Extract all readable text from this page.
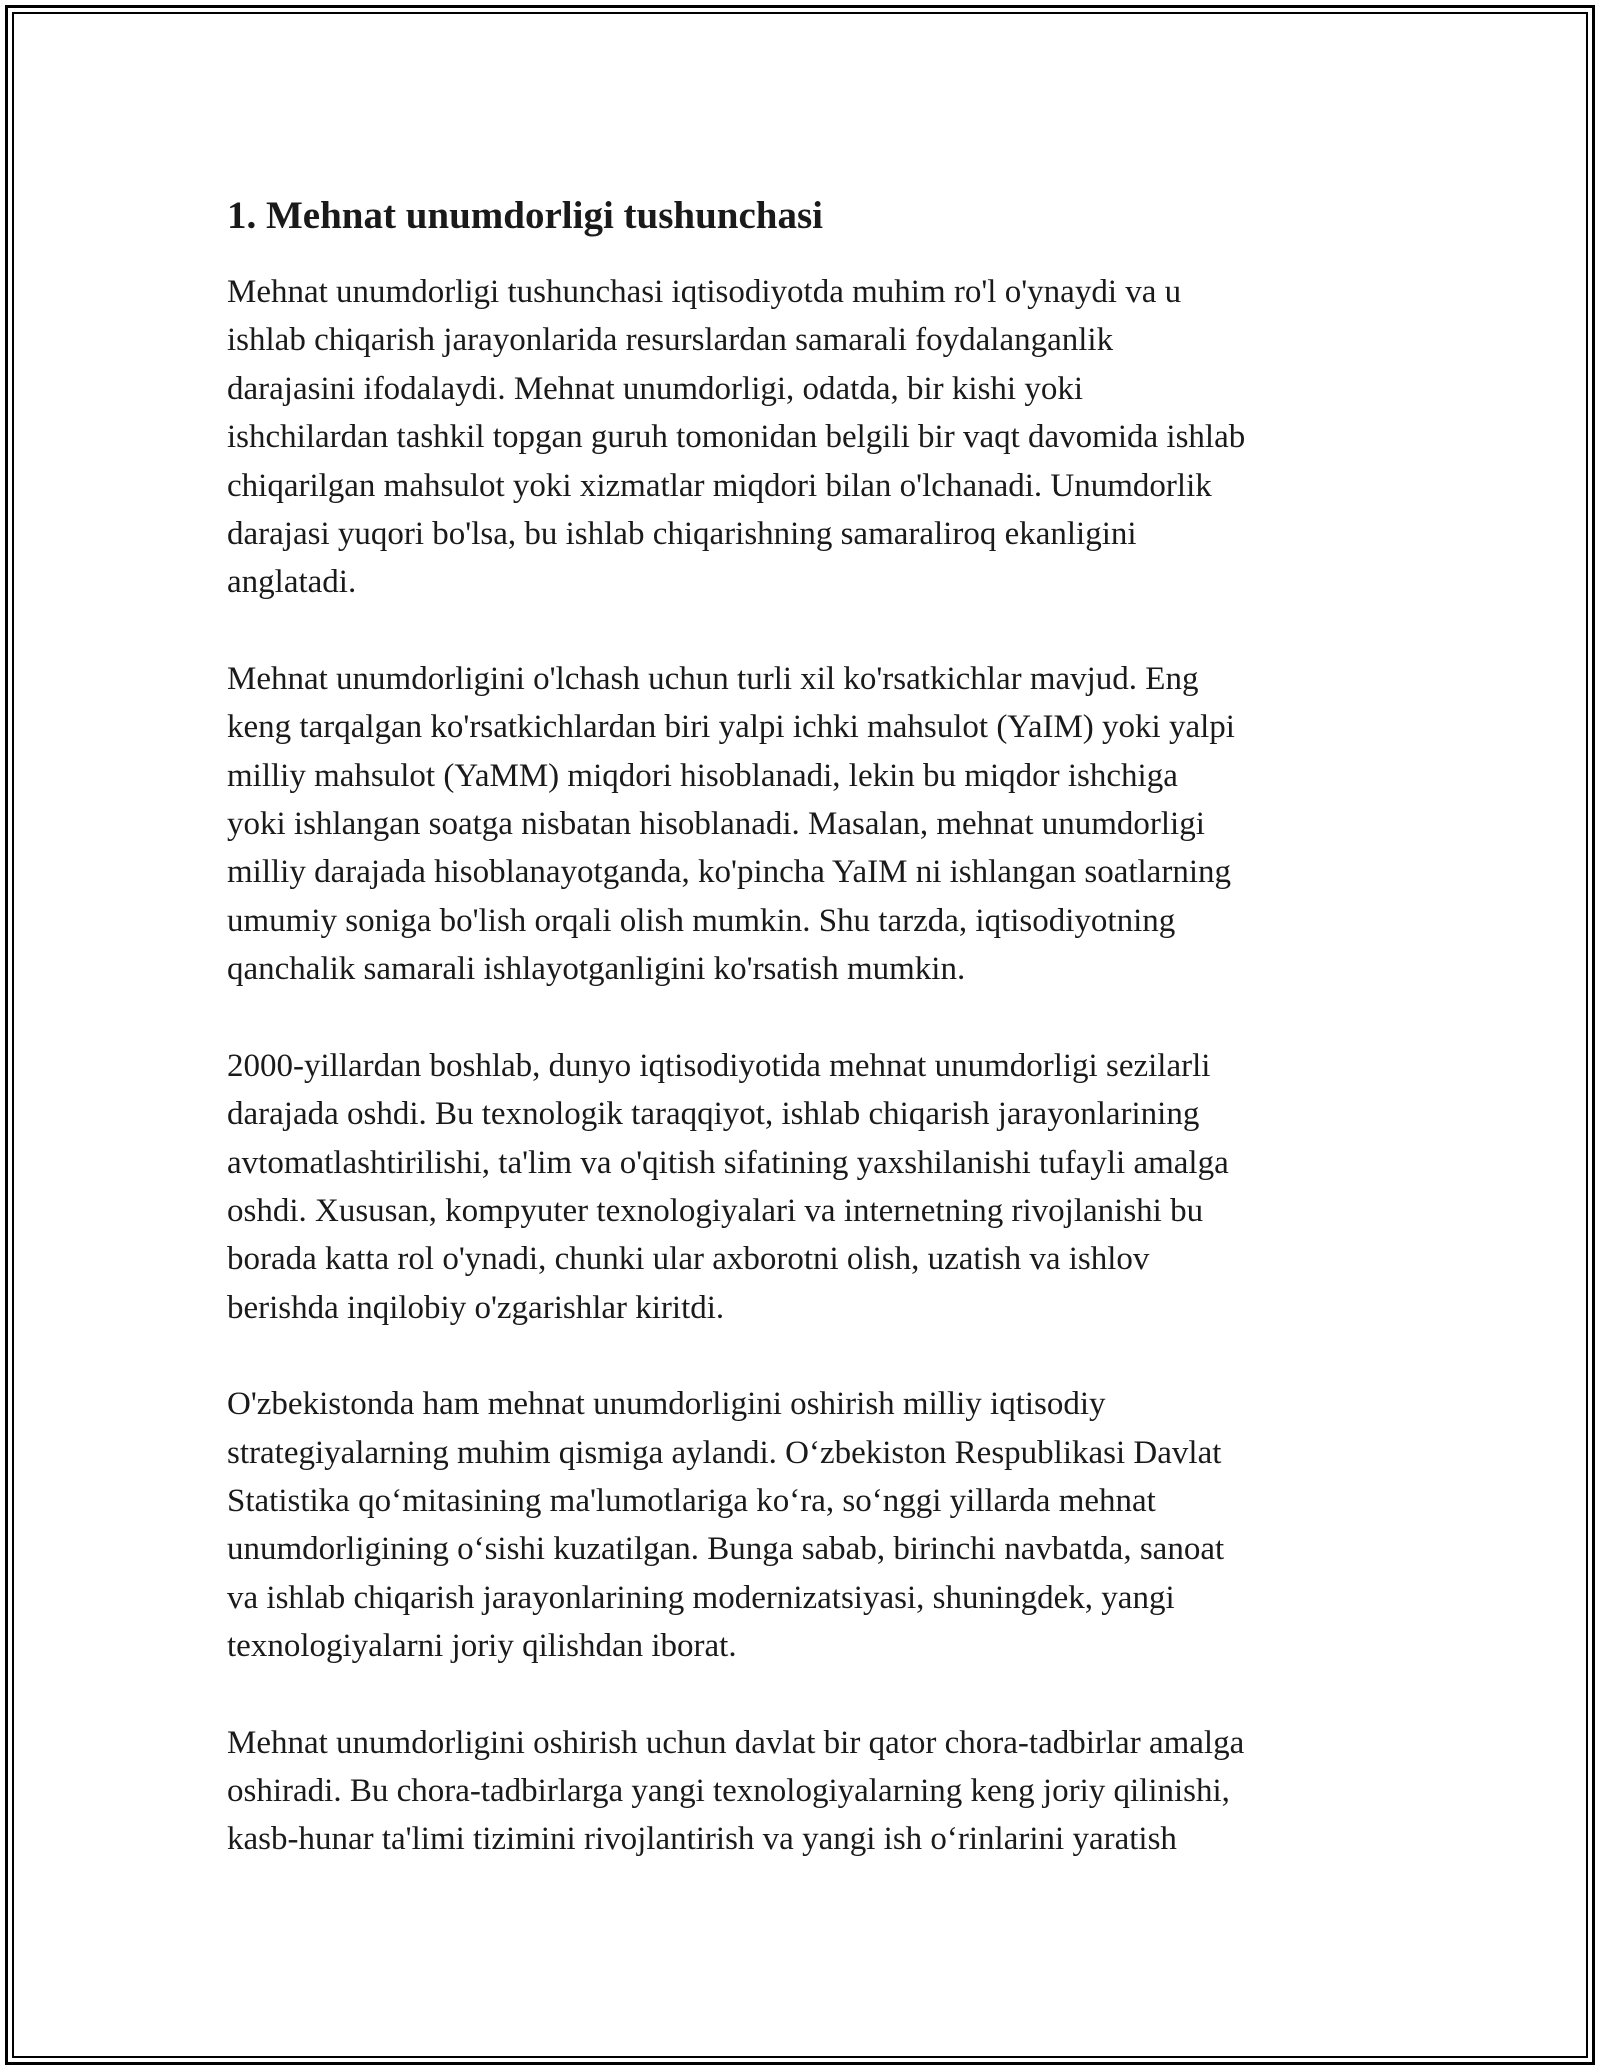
1. Mehnat unumdorligi tushunchasi

Mehnat unumdorligi tushunchasi iqtisodiyotda muhim ro'l o'ynaydi va u
ishlab chiqarish jarayonlarida resurslardan samarali foydalanganlik
darajasini ifodalaydi. Mehnat unumdorligi, odatda, bir kishi yoki
ishchilardan tashkil topgan guruh tomonidan belgili bir vaqt davomida ishlab
chiqarilgan mahsulot yoki xizmatlar miqdori bilan o'lchanadi. Unumdorlik
darajasi yuqori bo'lsa, bu ishlab chiqarishning samaraliroq ekanligini
anglatadi.

Mehnat unumdorligini o'lchash uchun turli xil ko'rsatkichlar mavjud. Eng
keng tarqalgan ko'rsatkichlardan biri yalpi ichki mahsulot (YaIM) yoki yalpi
milliy mahsulot (YaMM) miqdori hisoblanadi, lekin bu miqdor ishchiga
yoki ishlangan soatga nisbatan hisoblanadi. Masalan, mehnat unumdorligi
milliy darajada hisoblanayotganda, ko'pincha YaIM ni ishlangan soatlarning
umumiy soniga bo'lish orqali olish mumkin. Shu tarzda, iqtisodiyotning
qanchalik samarali ishlayotganligini ko'rsatish mumkin.

2000-yillardan boshlab, dunyo iqtisodiyotida mehnat unumdorligi sezilarli
darajada oshdi. Bu texnologik taraqqiyot, ishlab chiqarish jarayonlarining
avtomatlashtirilishi, ta'lim va o'qitish sifatining yaxshilanishi tufayli amalga
oshdi. Xususan, kompyuter texnologiyalari va internetning rivojlanishi bu
borada katta rol o'ynadi, chunki ular axborotni olish, uzatish va ishlov
berishda inqilobiy o'zgarishlar kiritdi.

O'zbekistonda ham mehnat unumdorligini oshirish milliy iqtisodiy
strategiyalarning muhim qismiga aylandi. O‘zbekiston Respublikasi Davlat
Statistika qo‘mitasining ma'lumotlariga ko‘ra, so‘nggi yillarda mehnat
unumdorligining o‘sishi kuzatilgan. Bunga sabab, birinchi navbatda, sanoat
va ishlab chiqarish jarayonlarining modernizatsiyasi, shuningdek, yangi
texnologiyalarni joriy qilishdan iborat.

Mehnat unumdorligini oshirish uchun davlat bir qator chora-tadbirlar amalga
oshiradi. Bu chora-tadbirlarga yangi texnologiyalarning keng joriy qilinishi,
kasb-hunar ta'limi tizimini rivojlantirish va yangi ish o‘rinlarini yaratish
